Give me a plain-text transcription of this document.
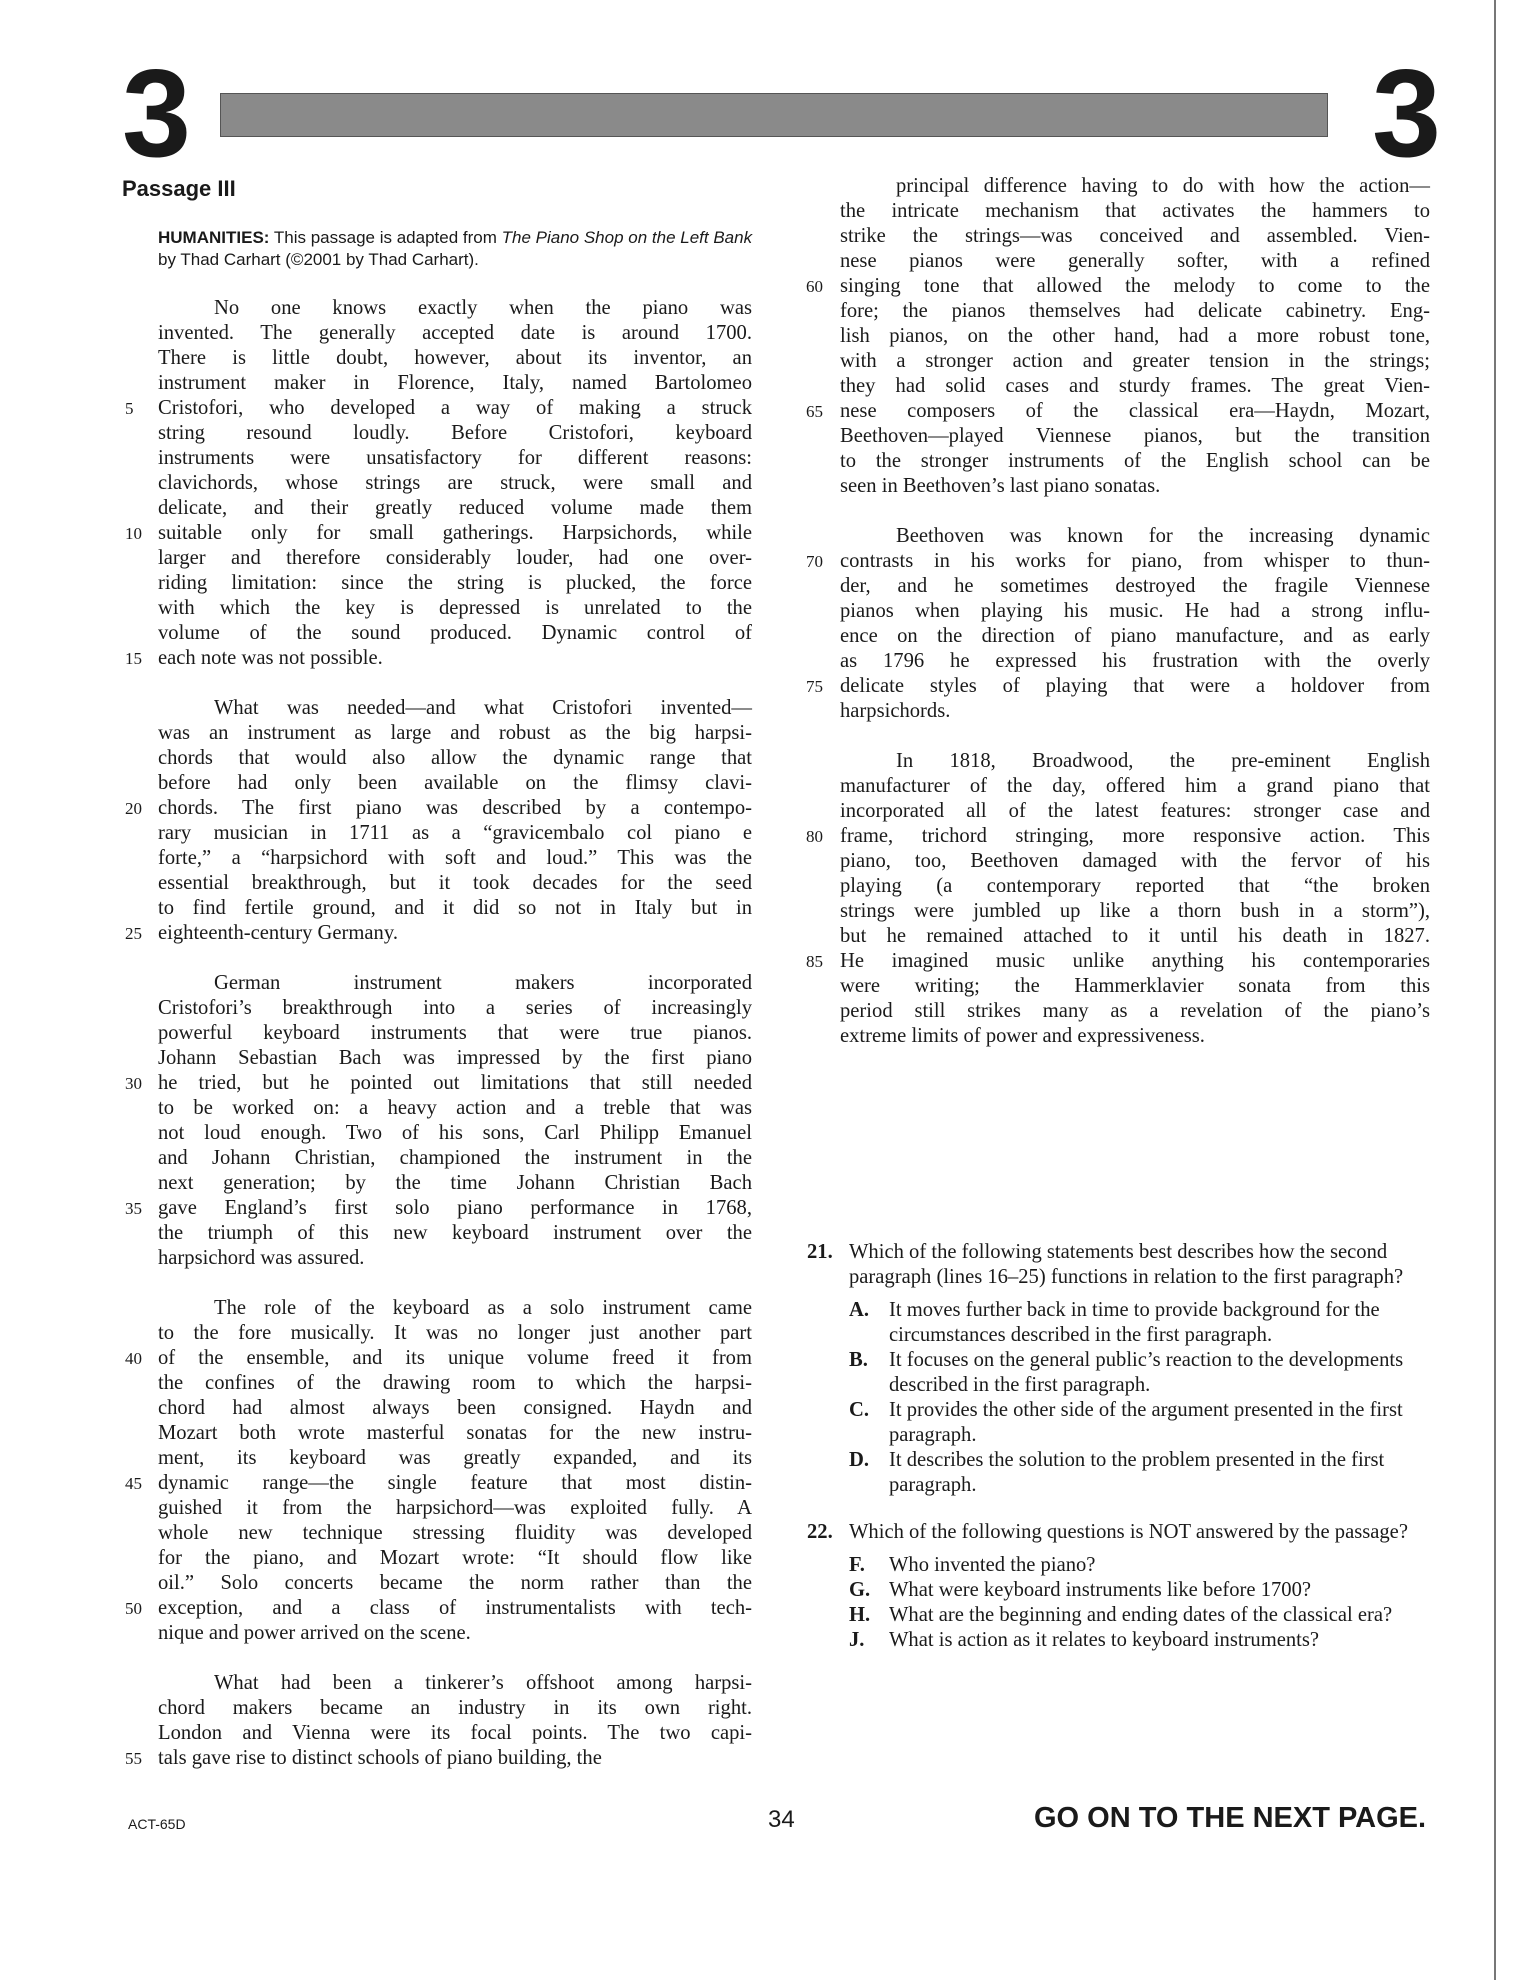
3	3
Passage III
HUMANITIES: This passage is adapted from The Piano Shop on the Left Bank by Thad Carhart (©2001 by Thad Carhart).
No one knows exactly when the piano was
invented. The generally accepted date is around 1700.
There is little doubt, however, about its inventor, an
instrument maker in Florence, Italy, named Bartolomeo
Cristofori, who developed a way of making a struck
5
string resound loudly. Before Cristofori, keyboard
instruments were unsatisfactory for different reasons:
clavichords, whose strings are struck, were small and
delicate, and their greatly reduced volume made them
suitable only for small gatherings. Harpsichords, while
10
larger and therefore considerably louder, had one over-
riding limitation: since the string is plucked, the force
with which the key is depressed is unrelated to the
volume of the sound produced. Dynamic control of
each note was not possible.
15
What was needed—and what Cristofori invented—
was an instrument as large and robust as the big harpsi-
chords that would also allow the dynamic range that
before had only been available on the flimsy clavi-
chords. The first piano was described by a contempo-
20
rary musician in 1711 as a “gravicembalo col piano e
forte,” a “harpsichord with soft and loud.” This was the
essential breakthrough, but it took decades for the seed
to find fertile ground, and it did so not in Italy but in
eighteenth-century Germany.
25
German instrument makers incorporated
Cristofori’s breakthrough into a series of increasingly
powerful keyboard instruments that were true pianos.
Johann Sebastian Bach was impressed by the first piano
he tried, but he pointed out limitations that still needed
30
to be worked on: a heavy action and a treble that was
not loud enough. Two of his sons, Carl Philipp Emanuel
and Johann Christian, championed the instrument in the
next generation; by the time Johann Christian Bach
gave England’s first solo piano performance in 1768,
35
the triumph of this new keyboard instrument over the
harpsichord was assured.
The role of the keyboard as a solo instrument came
to the fore musically. It was no longer just another part
of the ensemble, and its unique volume freed it from
40
the confines of the drawing room to which the harpsi-
chord had almost always been consigned. Haydn and
Mozart both wrote masterful sonatas for the new instru-
ment, its keyboard was greatly expanded, and its
dynamic range—the single feature that most distin-
45
guished it from the harpsichord—was exploited fully. A
whole new technique stressing fluidity was developed
for the piano, and Mozart wrote: “It should flow like
oil.” Solo concerts became the norm rather than the
exception, and a class of instrumentalists with tech-
50
nique and power arrived on the scene.
What had been a tinkerer’s offshoot among harpsi-
chord makers became an industry in its own right.
London and Vienna were its focal points. The two capi-
tals gave rise to distinct schools of piano building, the
55
principal difference having to do with how the action—
the intricate mechanism that activates the hammers to
strike the strings—was conceived and assembled. Vien-
nese pianos were generally softer, with a refined
singing tone that allowed the melody to come to the
60
fore; the pianos themselves had delicate cabinetry. Eng-
lish pianos, on the other hand, had a more robust tone,
with a stronger action and greater tension in the strings;
they had solid cases and sturdy frames. The great Vien-
nese composers of the classical era—Haydn, Mozart,
65
Beethoven—played Viennese pianos, but the transition
to the stronger instruments of the English school can be
seen in Beethoven’s last piano sonatas.
Beethoven was known for the increasing dynamic
contrasts in his works for piano, from whisper to thun-
70
der, and he sometimes destroyed the fragile Viennese
pianos when playing his music. He had a strong influ-
ence on the direction of piano manufacture, and as early
as 1796 he expressed his frustration with the overly
delicate styles of playing that were a holdover from
75
harpsichords.
In 1818, Broadwood, the pre-eminent English
manufacturer of the day, offered him a grand piano that
incorporated all of the latest features: stronger case and
frame, trichord stringing, more responsive action. This
80
piano, too, Beethoven damaged with the fervor of his
playing (a contemporary reported that “the broken
strings were jumbled up like a thorn bush in a storm”),
but he remained attached to it until his death in 1827.
He imagined music unlike anything his contemporaries
85
were writing; the Hammerklavier sonata from this
period still strikes many as a revelation of the piano’s
extreme limits of power and expressiveness.
21. Which of the following statements best describes how the second paragraph (lines 16–25) functions in relation to the first paragraph?
A. It moves further back in time to provide background for the circumstances described in the first paragraph.
B. It focuses on the general public’s reaction to the developments described in the first paragraph.
C. It provides the other side of the argument presented in the first paragraph.
D. It describes the solution to the problem presented in the first paragraph.
22. Which of the following questions is NOT answered by the passage?
F. Who invented the piano?
G. What were keyboard instruments like before 1700?
H. What are the beginning and ending dates of the classical era?
J. What is action as it relates to keyboard instruments?
ACT-65D	34	GO ON TO THE NEXT PAGE.
